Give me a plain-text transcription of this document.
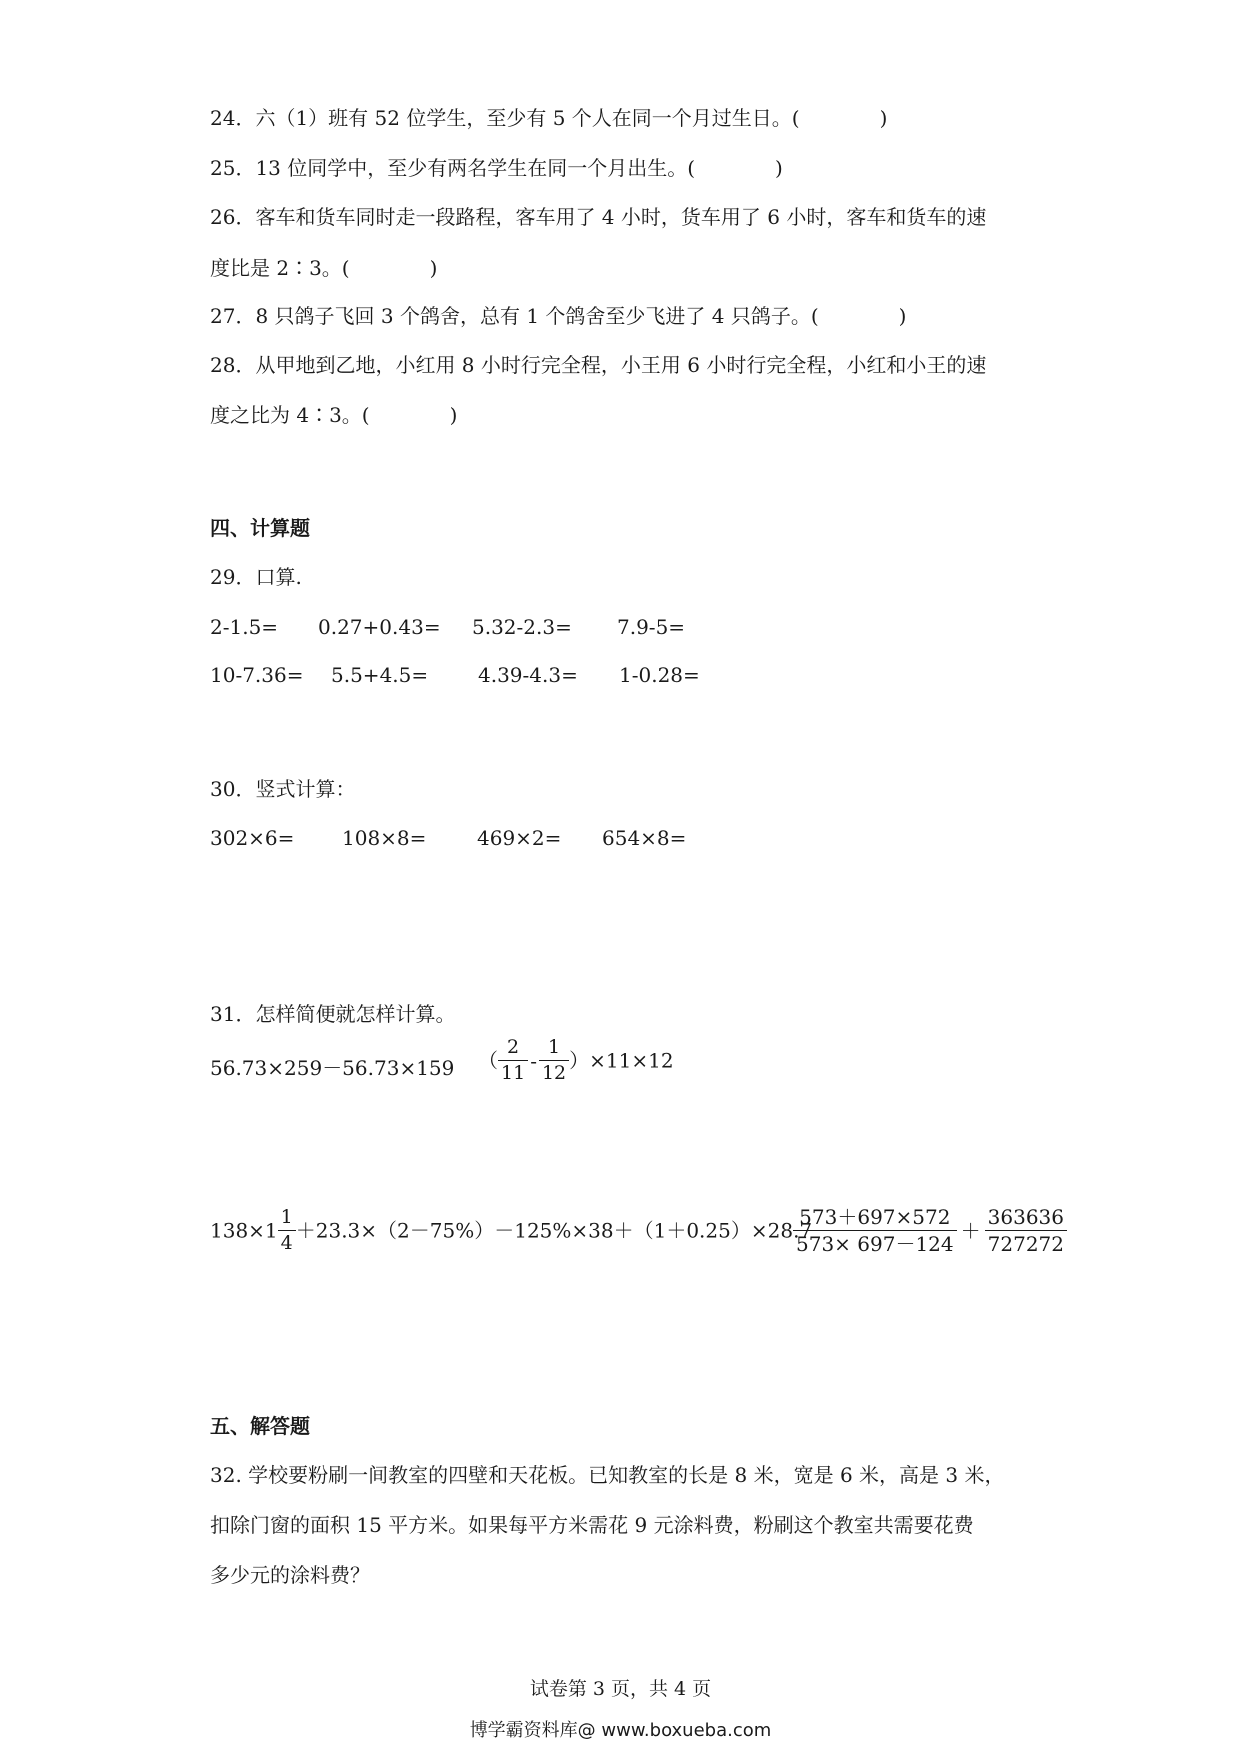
24．六（1）班有 52 位学生，至少有 5 个人在同一个月过生日。(　　　　)
25．13 位同学中，至少有两名学生在同一个月出生。(　　　　)
26．客车和货车同时走一段路程，客车用了 4 小时，货车用了 6 小时，客车和货车的速
度比是 2∶3。(　　　　)
27．8 只鸽子飞回 3 个鸽舍，总有 1 个鸽舍至少飞进了 4 只鸽子。(　　　　)
28．从甲地到乙地，小红用 8 小时行完全程，小王用 6 小时行完全程，小红和小王的速
度之比为 4∶3。(　　　　)
四、计算题
29．口算.
2-1.5= 0.27+0.43= 5.32-2.3= 7.9-5=
10-7.36= 5.5+4.5= 4.39-4.3= 1-0.28=
30．竖式计算：
302×6= 108×8=	469×2= 654×8=
31．怎样简便就怎样计算。
56.73×259－56.73×159 （ $\frac{2}{11} - \frac{1}{12} )\times 11\times 12$
$138\times 1 \frac{1}{4} +23.3\times(2-75\%)-125\%\times 38+(1+0.25)\times 28.7$
$\frac{573+697\times 572}{573\times 697-124} + \frac{363636}{727272}$
五、解答题
32. 学校要粉刷一间教室的四壁和天花板。已知教室的长是 8 米，宽是 6 米，高是 3 米，
扣除门窗的面积 15 平方米。如果每平方米需花 9 元涂料费，粉刷这个教室共需要花费
多少元的涂料费？
试卷第 3 页，共 4 页
博学霸资料库@ www.boxueba.com
